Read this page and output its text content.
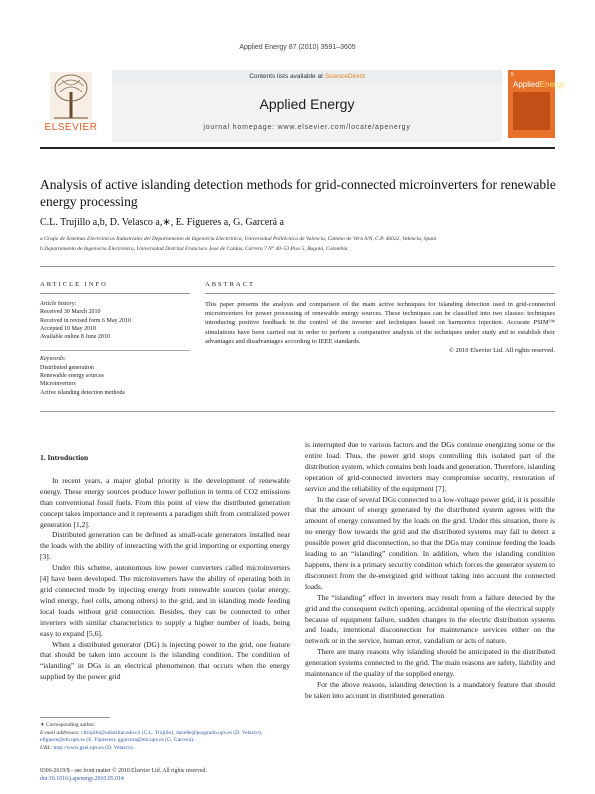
Applied Energy 87 (2010) 3591–3605
ELSEVIER
Contents lists available at ScienceDirect
Applied Energy
journal homepage: www.elsevier.com/locate/apenergy
5
AppliedEnergy
Analysis of active islanding detection methods for grid-connected microinverters for renewable energy processing
C.L. Trujillo a,b, D. Velasco a,∗, E. Figueres a, G. Garcerá a
a Grupo de Sistemas Electrónicos Industriales del Departamento de Ingeniería Electrónica, Universidad Politécnica de Valencia, Camino de Vera S/N, C.P. 46022, Valencia, Spain
b Departamento de Ingeniería Electrónica, Universidad Distrital Francisco José de Caldas, Carrera 7 N° 40–53 Piso 5, Bogotá, Colombia
ARTICLE INFO	ABSTRACT
Article history:
Received 30 March 2010
Received in revised form 6 May 2010
Accepted 10 May 2010
Available online 8 June 2010
Keywords:
Distributed generation
Renewable energy sources
Microinverters
Active islanding detection methods
This paper presents the analysis and comparison of the main active techniques for islanding detection used in grid-connected microinverters for power processing of renewable energy sources. These techniques can be classified into two classes: techniques introducing positive feedback in the control of the inverter and techniques based on harmonics injection. Accurate PSIM™ simulations have been carried out in order to perform a comparative analysis of the techniques under study and to establish their advantages and disadvantages according to IEEE standards.
© 2010 Elsevier Ltd. All rights reserved.
1. Introduction

In recent years, a major global priority is the development of renewable energy. These energy sources produce lower pollution in terms of CO2 emissions than conventional fossil fuels. From this point of view the distributed generation concept takes importance and it represents a paradigm shift from centralized power generation [1,2].

Distributed generation can be defined as small-scale generators installed near the loads with the ability of interacting with the grid importing or exporting energy [3].

Under this scheme, autonomous low power converters called microinverters [4] have been developed. The microinverters have the ability of operating both in grid connected mode by injecting energy from renewable sources (solar energy, wind energy, fuel cells, among others) to the grid, and in islanding mode feeding local loads without grid connection. Besides, they can be connected to other inverters with similar characteristics to supply a higher number of loads, being easy to expand [5,6].

When a distributed generator (DG) is injecting power to the grid, one feature that should be taken into account is the islanding condition. The condition of “islanding” in DGs is an electrical phenomenon that occurs when the energy supplied by the power grid

is interrupted due to various factors and the DGs continue energizing some or the entire load. Thus, the power grid stops controlling this isolated part of the distribution system, which contains both loads and generation. Therefore, islanding operation of grid-connected inverters may compromise security, restoration of service and the reliability of the equipment [7].

In the case of several DGs connected to a low-voltage power grid, it is possible that the amount of energy generated by the distributed system agrees with the amount of energy consumed by the loads on the grid. Under this situation, there is no energy flow towards the grid and the distributed systems may fail to detect a possible power grid disconnection, so that the DGs may continue feeding the loads leading to an “islanding” condition. In addition, when the islanding condition happens, there is a primary security condition which forces the generator system to disconnect from the de-energized grid without taking into account the connected loads.

The “islanding” effect in inverters may result from a failure detected by the grid and the consequent switch opening, accidental opening of the electrical supply because of equipment failure, sudden changes in the electric distribution systems and loads, intentional disconnection for maintenance services either on the network or in the service, human error, vandalism or acts of nature.

There are many reasons why islanding should be anticipated in the distributed generation systems connected to the grid. The main reasons are safety, liability and maintenance of the quality of the supplied energy.

For the above reasons, islanding detection is a mandatory feature that should be taken into account in distributed generation

∗ Corresponding author.
E-mail addresses: cltrujillo@udistrital.edu.co (C.L. Trujillo), davede@posgrado.upv.es (D. Velasco), efiguere@eln.upv.es (E. Figueres), ggarcera@eln.upv.es (G. Garcerá).
URL: http://www.gsei.upv.es (D. Velasco).
0306-2619/$ - see front matter © 2010 Elsevier Ltd. All rights reserved.
doi:10.1016/j.apenergy.2010.05.014
